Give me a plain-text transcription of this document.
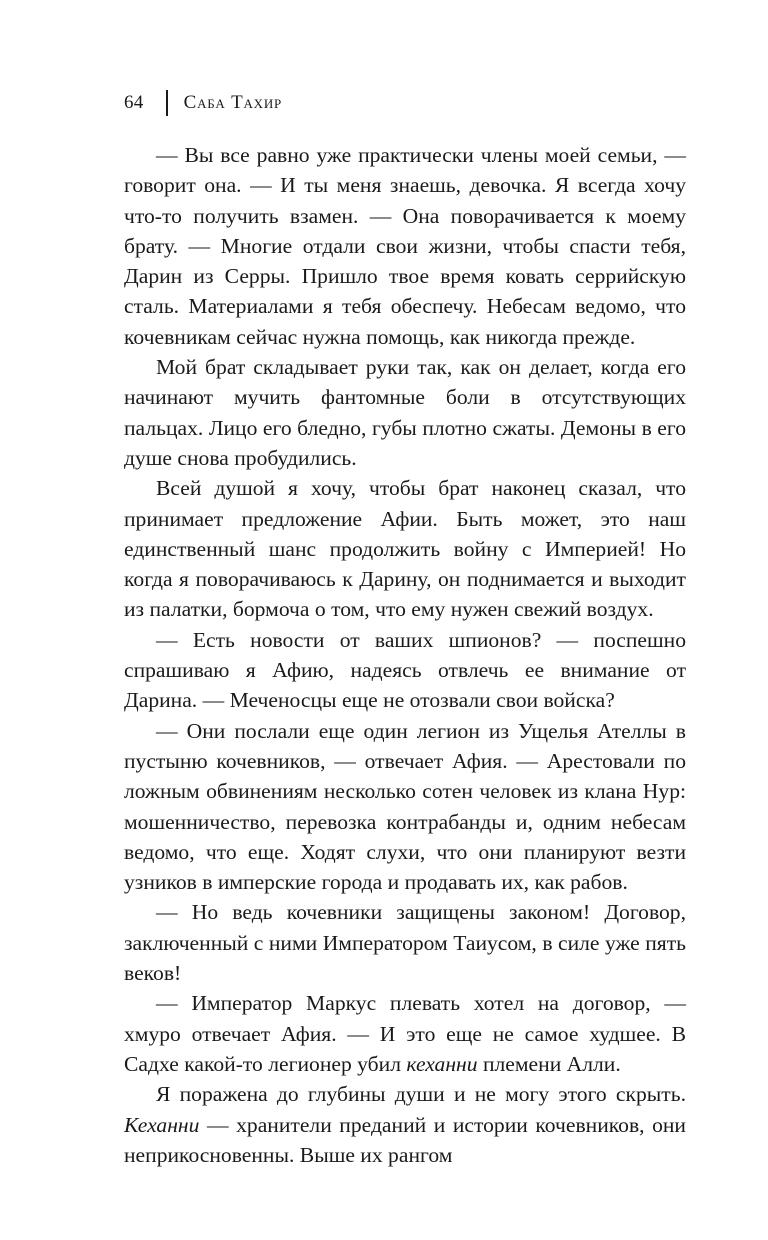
64	Саба Тахир

— Вы все равно уже практически члены моей семьи, — говорит она. — И ты меня знаешь, девочка. Я всегда хочу что-то получить взамен. — Она поворачивается к моему брату. — Многие отдали свои жизни, чтобы спасти тебя, Дарин из Серры. Пришло твое время ковать серрийскую сталь. Материалами я тебя обеспечу. Небесам ведомо, что кочевникам сейчас нужна помощь, как никогда прежде.

Мой брат складывает руки так, как он делает, когда его начинают мучить фантомные боли в отсутствующих пальцах. Лицо его бледно, губы плотно сжаты. Демоны в его душе снова пробудились.

Всей душой я хочу, чтобы брат наконец сказал, что принимает предложение Афии. Быть может, это наш единственный шанс продолжить войну с Империей! Но когда я поворачиваюсь к Дарину, он поднимается и выходит из палатки, бормоча о том, что ему нужен свежий воздух.

— Есть новости от ваших шпионов? — поспешно спрашиваю я Афию, надеясь отвлечь ее внимание от Дарина. — Меченосцы еще не отозвали свои войска?

— Они послали еще один легион из Ущелья Ателлы в пустыню кочевников, — отвечает Афия. — Арестовали по ложным обвинениям несколько сотен человек из клана Нур: мошенничество, перевозка контрабанды и, одним небесам ведомо, что еще. Ходят слухи, что они планируют везти узников в имперские города и продавать их, как рабов.

— Но ведь кочевники защищены законом! Договор, заключенный с ними Императором Таиусом, в силе уже пять веков!

— Император Маркус плевать хотел на договор, — хмуро отвечает Афия. — И это еще не самое худшее. В Садхе какой-то легионер убил кеханни племени Алли.

Я поражена до глубины души и не могу этого скрыть. Кеханни — хранители преданий и истории кочевников, они неприкосновенны. Выше их рангом
